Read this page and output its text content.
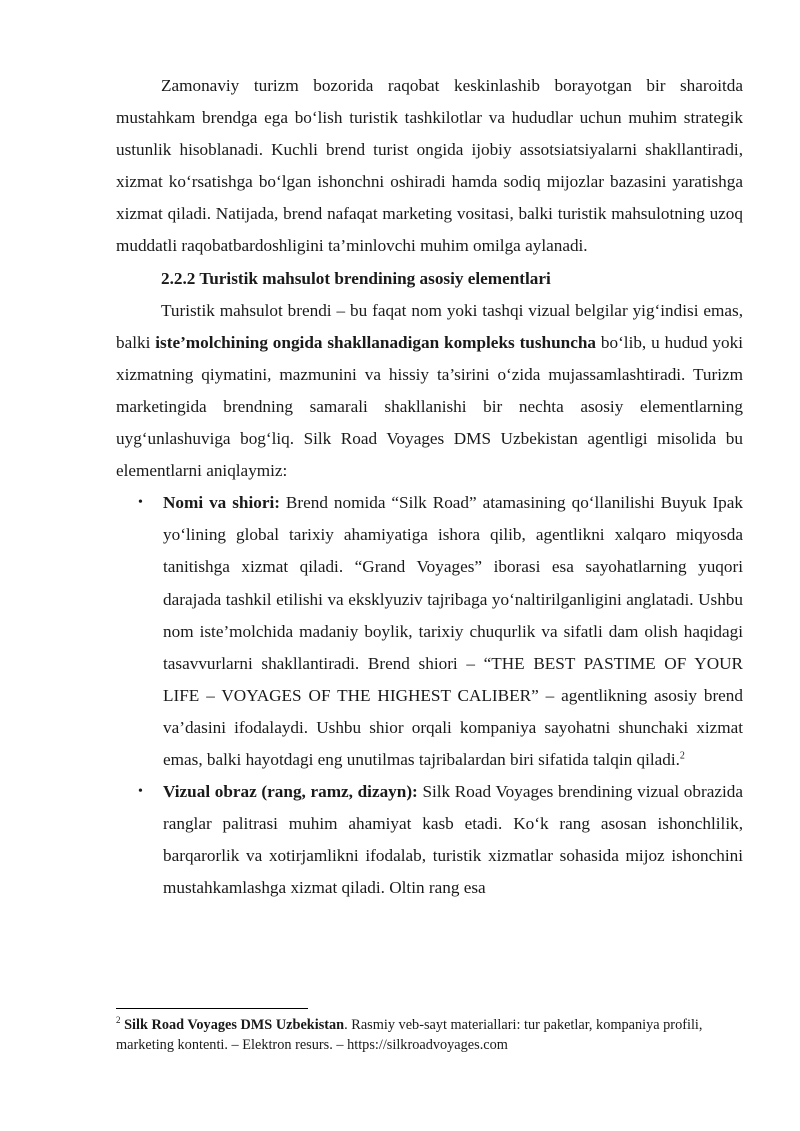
Zamonaviy turizm bozorida raqobat keskinlashib borayotgan bir sharoitda mustahkam brendga ega bo‘lish turistik tashkilotlar va hududlar uchun muhim strategik ustunlik hisoblanadi. Kuchli brend turist ongida ijobiy assotsiatsiyalarni shakllantiradi, xizmat ko‘rsatishga bo‘lgan ishonchni oshiradi hamda sodiq mijozlar bazasini yaratishga xizmat qiladi. Natijada, brend nafaqat marketing vositasi, balki turistik mahsulotning uzoq muddatli raqobatbardoshligini ta’minlovchi muhim omilga aylanadi.

2.2.2 Turistik mahsulot brendining asosiy elementlari

Turistik mahsulot brendi – bu faqat nom yoki tashqi vizual belgilar yig‘indisi emas, balki iste’molchining ongida shakllanadigan kompleks tushuncha bo‘lib, u hudud yoki xizmatning qiymatini, mazmunini va hissiy ta’sirini o‘zida mujassamlashtiradi. Turizm marketingida brendning samarali shakllanishi bir nechta asosiy elementlarning uyg‘unlashuviga bog‘liq. Silk Road Voyages DMS Uzbekistan agentligi misolida bu elementlarni aniqlaymiz:

• Nomi va shiori: Brend nomida “Silk Road” atamasining qo‘llanilishi Buyuk Ipak yo‘lining global tarixiy ahamiyatiga ishora qilib, agentlikni xalqaro miqyosda tanitishga xizmat qiladi. “Grand Voyages” iborasi esa sayohatlarning yuqori darajada tashkil etilishi va eksklyuziv tajribaga yo‘naltirilganligini anglatadi. Ushbu nom iste’molchida madaniy boylik, tarixiy chuqurlik va sifatli dam olish haqidagi tasavvurlarni shakllantiradi. Brend shiori – “THE BEST PASTIME OF YOUR LIFE – VOYAGES OF THE HIGHEST CALIBER” – agentlikning asosiy brend va’dasini ifodalaydi. Ushbu shior orqali kompaniya sayohatni shunchaki xizmat emas, balki hayotdagi eng unutilmas tajribalardan biri sifatida talqin qiladi.$^2$
• Vizual obraz (rang, ramz, dizayn): Silk Road Voyages brendining vizual obrazida ranglar palitrasi muhim ahamiyat kasb etadi. Ko‘k rang asosan ishonchlilik, barqarorlik va xotirjamlikni ifodalab, turistik xizmatlar sohasida mijoz ishonchini mustahkamlashga xizmat qiladi. Oltin rang esa
$^2$ Silk Road Voyages DMS Uzbekistan. Rasmiy veb-sayt materiallari: tur paketlar, kompaniya profili, marketing kontenti. – Elektron resurs. – https://silkroadvoyages.com
